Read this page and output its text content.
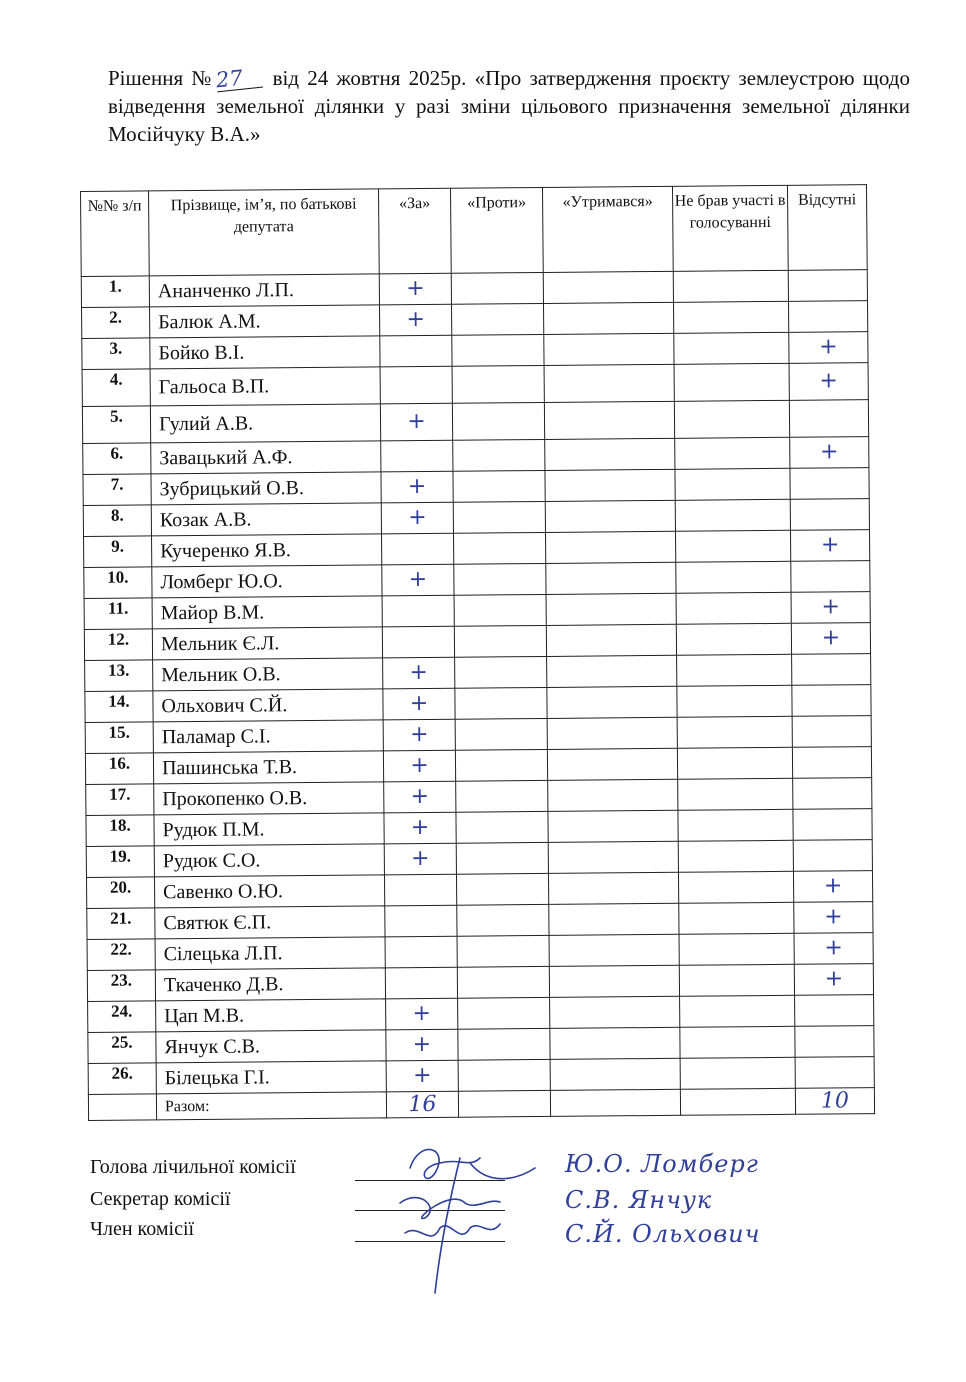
Рішення №27 від 24 жовтня 2025р. «Про затвердження проєкту землеустрою щодо відведення земельної ділянки у разі зміни цільового призначення земельної ділянки Мосійчуку В.А.»
№№ з/п	Прізвище, ім’я, по батькові депутата	«За»	«Проти»	«Утримався»	Не брав участі в голосуванні	Відсутні
1.	Ананченко Л.П.	+				
2.	Балюк А.М.	+				
3.	Бойко В.І.					+
4.	Гальоса В.П.					+
5.	Гулий А.В.	+				
6.	Завацький А.Ф.					+
7.	Зубрицький О.В.	+				
8.	Козак А.В.	+				
9.	Кучеренко Я.В.					+
10.	Ломберг Ю.О.	+				
11.	Майор В.М.					+
12.	Мельник Є.Л.					+
13.	Мельник О.В.	+				
14.	Ольхович С.Й.	+				
15.	Паламар С.І.	+				
16.	Пашинська Т.В.	+				
17.	Прокопенко О.В.	+				
18.	Рудюк П.М.	+				
19.	Рудюк С.О.	+				
20.	Савенко О.Ю.					+
21.	Святюк Є.П.					+
22.	Сілецька Л.П.					+
23.	Ткаченко Д.В.					+
24.	Цап М.В.	+				
25.	Янчук С.В.	+				
26.	Білецька Г.І.	+				
	Разом:	16				10
Голова лічильної комісії
Секретар комісії
Член комісії
Ю.О. Ломберг
С.В. Янчук
С.Й. Ольхович
